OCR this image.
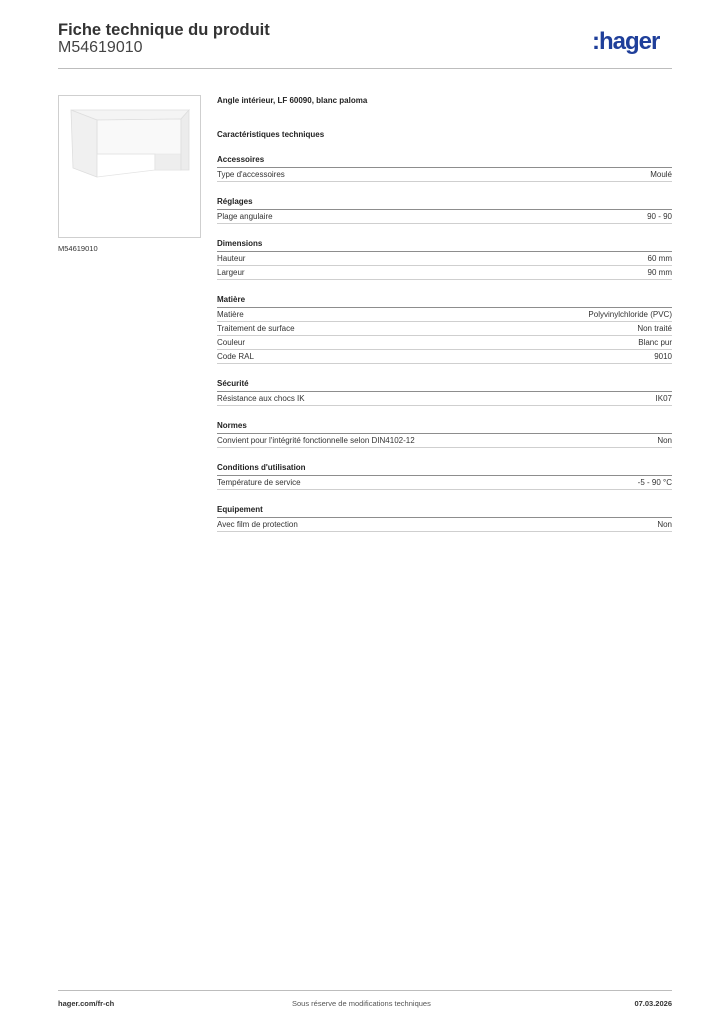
Fiche technique du produit
M54619010	:hager
M54619010
Angle intérieur, LF 60090, blanc paloma
Caractéristiques techniques
Accessoires
Type d'accessoires	Moulé
Réglages
Plage angulaire	90 - 90
Dimensions
Hauteur	60 mm
Largeur	90 mm
Matière
Matière	Polyvinylchloride (PVC)
Traitement de surface	Non traité
Couleur	Blanc pur
Code RAL	9010
Sécurité
Résistance aux chocs IK	IK07
Normes
Convient pour l'intégrité fonctionnelle selon DIN4102-12	Non
Conditions d'utilisation
Température de service	-5 - 90 °C
Equipement
Avec film de protection	Non
hager.com/fr-ch	Sous réserve de modifications techniques	07.03.2026
